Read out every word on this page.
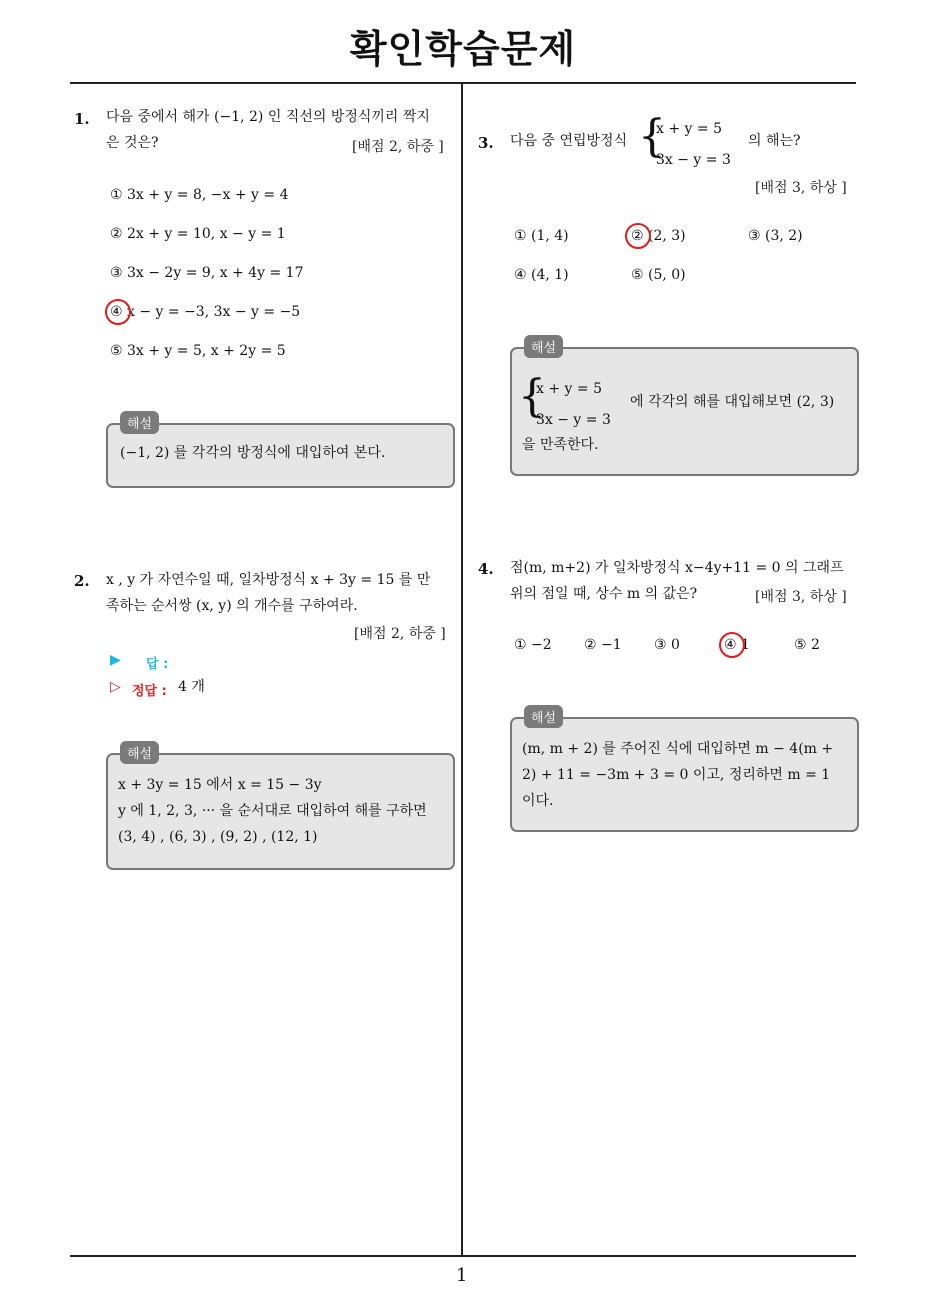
확인학습문제
1. 다음 중에서 해가 (−1, 2) 인 직선의 방정식끼리 짝지
은 것은?	[배점 2, 하중 ]
① 3x + y = 8, −x + y = 4
② 2x + y = 10, x − y = 1
③ 3x − 2y = 9, x + 4y = 17
④ x − y = −3, 3x − y = −5
⑤ 3x + y = 5, x + 2y = 5
해설
(−1, 2) 를 각각의 방정식에 대입하여 본다.
2. x , y 가 자연수일 때, 일차방정식 x + 3y = 15 를 만
족하는 순서쌍 (x, y) 의 개수를 구하여라.
[배점 2, 하중 ]
▶ 답 :
▷ 정답 : 4 개
해설
x + 3y = 15 에서 x = 15 − 3y
y 에 1, 2, 3, ··· 을 순서대로 대입하여 해를 구하면
(3, 4) , (6, 3) , (9, 2) , (12, 1)
3. 다음 중 연립방정식 {
x + y = 5
3x − y = 3
의 해는?
[배점 3, 하상 ]
① (1, 4)	② (2, 3)	③ (3, 2)
④ (4, 1)	⑤ (5, 0)
해설
{
x + y = 5
3x − y = 3
에 각각의 해를 대입해보면 (2, 3)
을 만족한다.
4. 점(m, m+2) 가 일차방정식 x−4y+11 = 0 의 그래프
위의 점일 때, 상수 m 의 값은?	[배점 3, 하상 ]
① −2 ② −1 ③ 0	④ 1	⑤ 2
해설
(m, m + 2) 를 주어진 식에 대입하면 m − 4(m +
2) + 11 = −3m + 3 = 0 이고, 정리하면 m = 1
이다.
1
